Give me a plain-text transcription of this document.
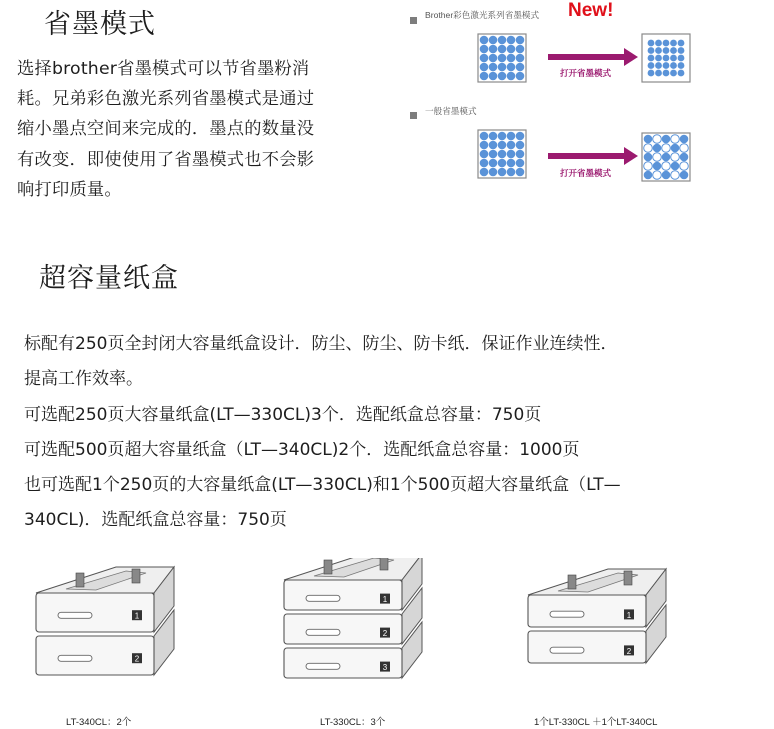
省墨模式
选择brother省墨模式可以节省墨粉消
耗。兄弟彩色激光系列省墨模式是通过
缩小墨点空间来完成的．墨点的数量没
有改变．即使使用了省墨模式也不会影
响打印质量。
Brother彩色激光系列省墨模式 New!
打开省墨模式
一般省墨模式
打开省墨模式
超容量纸盒
标配有250页全封闭大容量纸盒设计．防尘、防尘、防卡纸．保证作业连续性．
提高工作效率。
可选配250页大容量纸盒(LT—330CL)3个．选配纸盒总容量：750页
可选配500页超大容量纸盒（LT—340CL)2个．选配纸盒总容量：1000页
也可选配1个250页的大容量纸盒(LT—330CL)和1个500页超大容量纸盒（LT—
340CL)．选配纸盒总容量：750页
1
2
LT-340CL：2个
1
2
3
LT-330CL：3个
1
2
1个LT-330CL ＋1个LT-340CL
